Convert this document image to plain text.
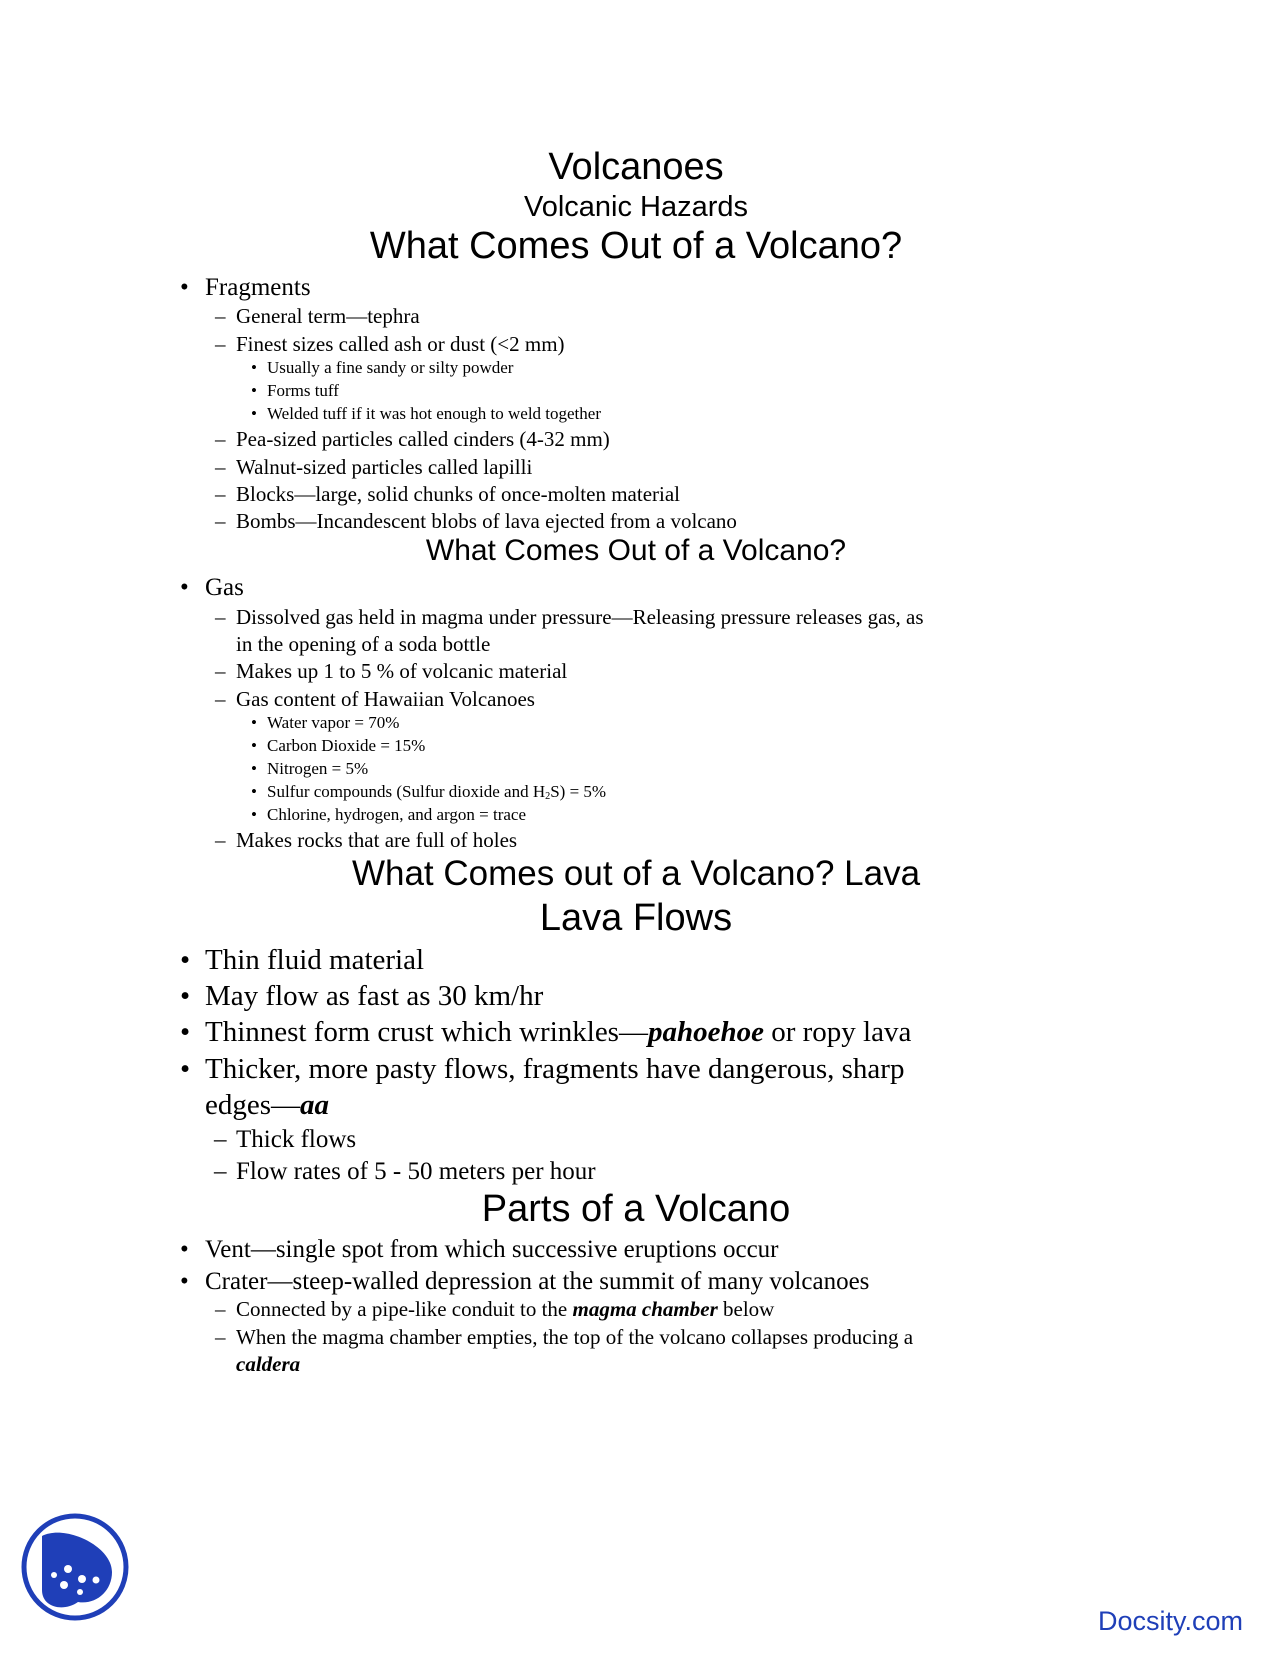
Volcanoes
Volcanic Hazards
What Comes Out of a Volcano?
• Fragments
– General term—tephra
– Finest sizes called ash or dust (<2 mm)
• Usually a fine sandy or silty powder
• Forms tuff
• Welded tuff if it was hot enough to weld together
– Pea-sized particles called cinders (4-32 mm)
– Walnut-sized particles called lapilli
– Blocks—large, solid chunks of once-molten material
– Bombs—Incandescent blobs of lava ejected from a volcano
What Comes Out of a Volcano?
• Gas
– Dissolved gas held in magma under pressure—Releasing pressure releases gas, as
in the opening of a soda bottle
– Makes up 1 to 5 % of volcanic material
– Gas content of Hawaiian Volcanoes
• Water vapor = 70%
• Carbon Dioxide = 15%
• Nitrogen = 5%
• Sulfur compounds (Sulfur dioxide and $H_2S) = 5\%$
• Chlorine, hydrogen, and argon = trace
– Makes rocks that are full of holes
What Comes out of a Volcano? Lava
Lava Flows
• Thin fluid material
• May flow as fast as 30 km/hr
• Thinnest form crust which wrinkles—pahoehoe or ropy lava
• Thicker, more pasty flows, fragments have dangerous, sharp
edges—aa
– Thick flows
– Flow rates of 5 - 50 meters per hour
Parts of a Volcano
• Vent—single spot from which successive eruptions occur
• Crater—steep-walled depression at the summit of many volcanoes
– Connected by a pipe-like conduit to the magma chamber below
– When the magma chamber empties, the top of the volcano collapses producing a
caldera
Docsity.com
